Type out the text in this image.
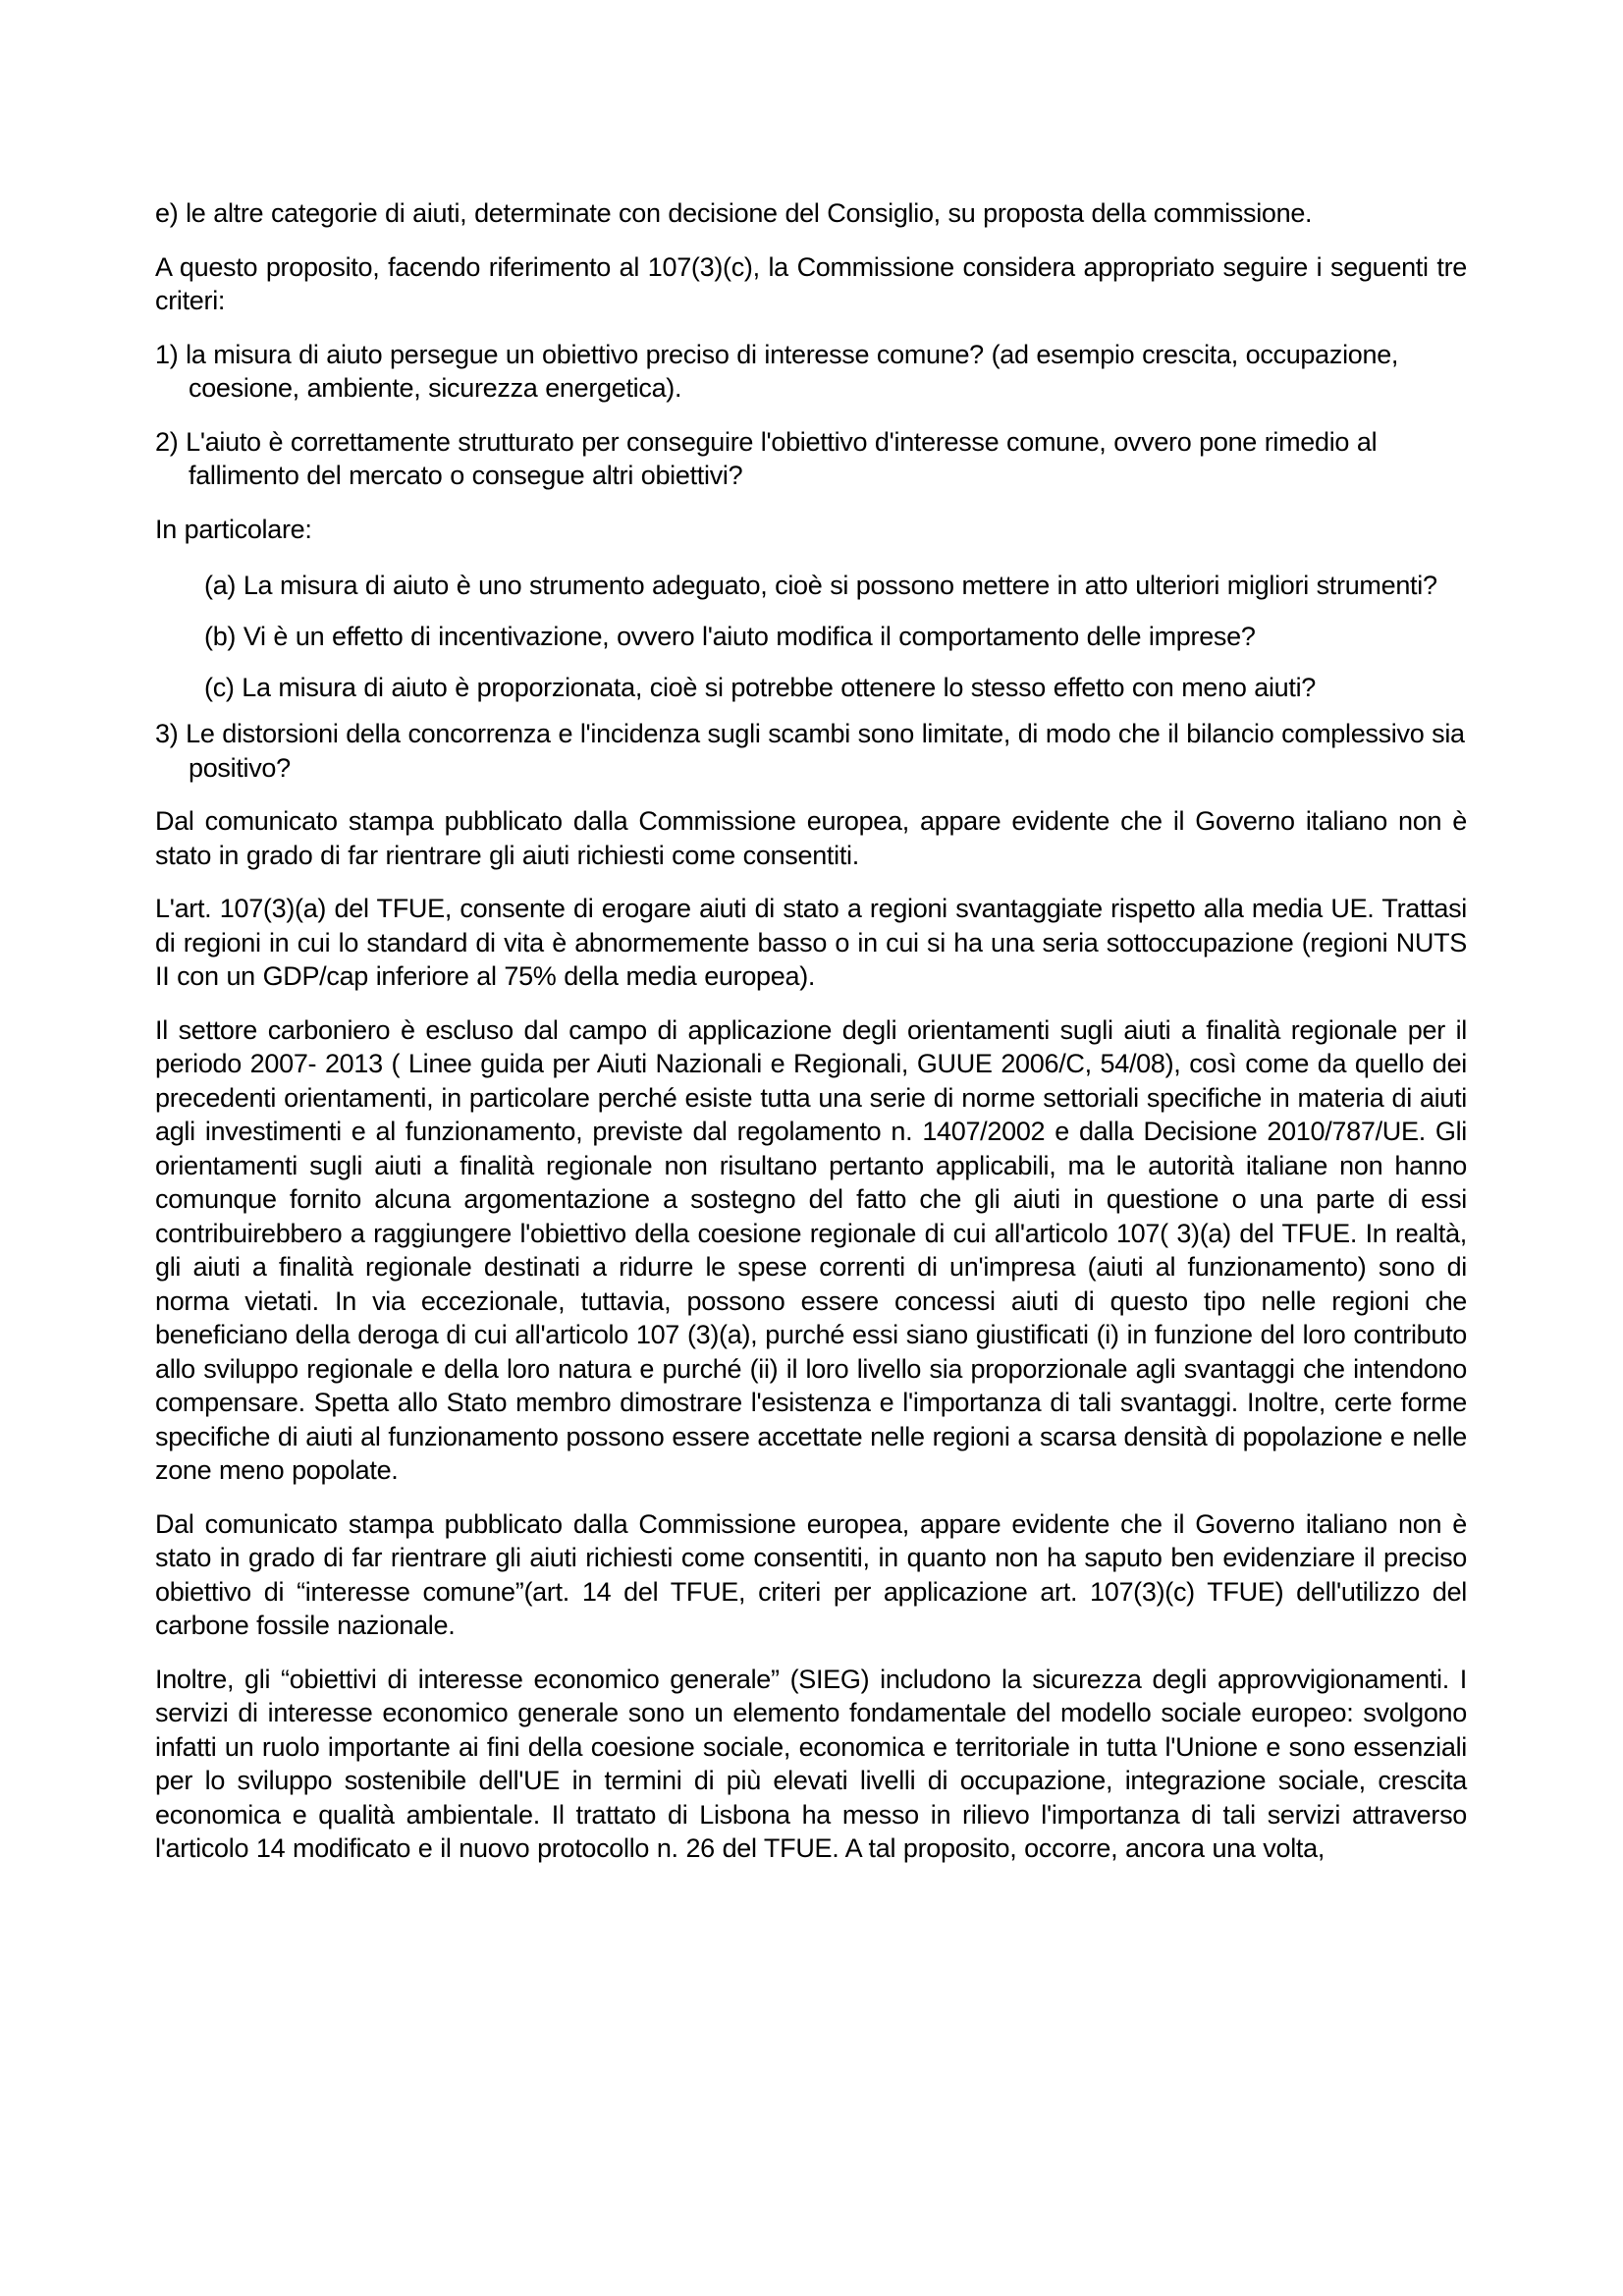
e) le altre categorie di aiuti, determinate con decisione del Consiglio, su proposta della commissione.
A questo proposito, facendo riferimento al 107(3)(c), la Commissione considera appropriato seguire i seguenti tre criteri:
1) la misura di aiuto persegue un obiettivo preciso di interesse comune? (ad esempio crescita, occupazione, coesione, ambiente, sicurezza energetica).
2) L'aiuto è correttamente strutturato per conseguire l'obiettivo d'interesse comune, ovvero pone rimedio al fallimento del mercato o consegue altri obiettivi?
In particolare:
(a) La misura di aiuto è uno strumento adeguato, cioè si possono mettere in atto ulteriori migliori strumenti?
(b) Vi è un effetto di incentivazione, ovvero l'aiuto modifica il comportamento delle imprese?
(c) La misura di aiuto è proporzionata, cioè si potrebbe ottenere lo stesso effetto con meno aiuti?
3) Le distorsioni della concorrenza e l'incidenza sugli scambi sono limitate, di modo che il bilancio complessivo sia positivo?
Dal comunicato stampa pubblicato dalla Commissione europea, appare evidente che il Governo italiano non è stato in grado di far rientrare gli aiuti richiesti come consentiti.
L'art. 107(3)(a) del TFUE, consente di erogare aiuti di stato a regioni svantaggiate rispetto alla media UE. Trattasi di regioni in cui lo standard di vita è abnormemente basso o in cui si ha una seria sottoccupazione (regioni NUTS II con un GDP/cap inferiore al 75% della media europea).
Il settore carboniero è escluso dal campo di applicazione degli orientamenti sugli aiuti a finalità regionale per il periodo 2007- 2013 ( Linee guida per Aiuti Nazionali e Regionali, GUUE 2006/C, 54/08), così come da quello dei precedenti orientamenti, in particolare perché esiste tutta una serie di norme settoriali specifiche in materia di aiuti agli investimenti e al funzionamento, previste dal regolamento n. 1407/2002 e dalla Decisione 2010/787/UE. Gli orientamenti sugli aiuti a finalità regionale non risultano pertanto applicabili, ma le autorità italiane non hanno comunque fornito alcuna argomentazione a sostegno del fatto che gli aiuti in questione o una parte di essi contribuirebbero a raggiungere l'obiettivo della coesione regionale di cui all'articolo 107( 3)(a) del TFUE. In realtà, gli aiuti a finalità regionale destinati a ridurre le spese correnti di un'impresa (aiuti al funzionamento) sono di norma vietati. In via eccezionale, tuttavia, possono essere concessi aiuti di questo tipo nelle regioni che beneficiano della deroga di cui all'articolo 107 (3)(a), purché essi siano giustificati (i) in funzione del loro contributo allo sviluppo regionale e della loro natura e purché (ii) il loro livello sia proporzionale agli svantaggi che intendono compensare. Spetta allo Stato membro dimostrare l'esistenza e l'importanza di tali svantaggi. Inoltre, certe forme specifiche di aiuti al funzionamento possono essere accettate nelle regioni a scarsa densità di popolazione e nelle zone meno popolate.
Dal comunicato stampa pubblicato dalla Commissione europea, appare evidente che il Governo italiano non è stato in grado di far rientrare gli aiuti richiesti come consentiti, in quanto non ha saputo ben evidenziare il preciso obiettivo di “interesse comune”(art. 14 del TFUE, criteri per applicazione art. 107(3)(c) TFUE) dell'utilizzo del carbone fossile nazionale.
Inoltre, gli “obiettivi di interesse economico generale” (SIEG) includono la sicurezza degli approvvigionamenti. I servizi di interesse economico generale sono un elemento fondamentale del modello sociale europeo: svolgono infatti un ruolo importante ai fini della coesione sociale, economica e territoriale in tutta l'Unione e sono essenziali per lo sviluppo sostenibile dell'UE in termini di più elevati livelli di occupazione, integrazione sociale, crescita economica e qualità ambientale. Il trattato di Lisbona ha messo in rilievo l'importanza di tali servizi attraverso l'articolo 14 modificato e il nuovo protocollo n. 26 del TFUE. A tal proposito, occorre, ancora una volta,
